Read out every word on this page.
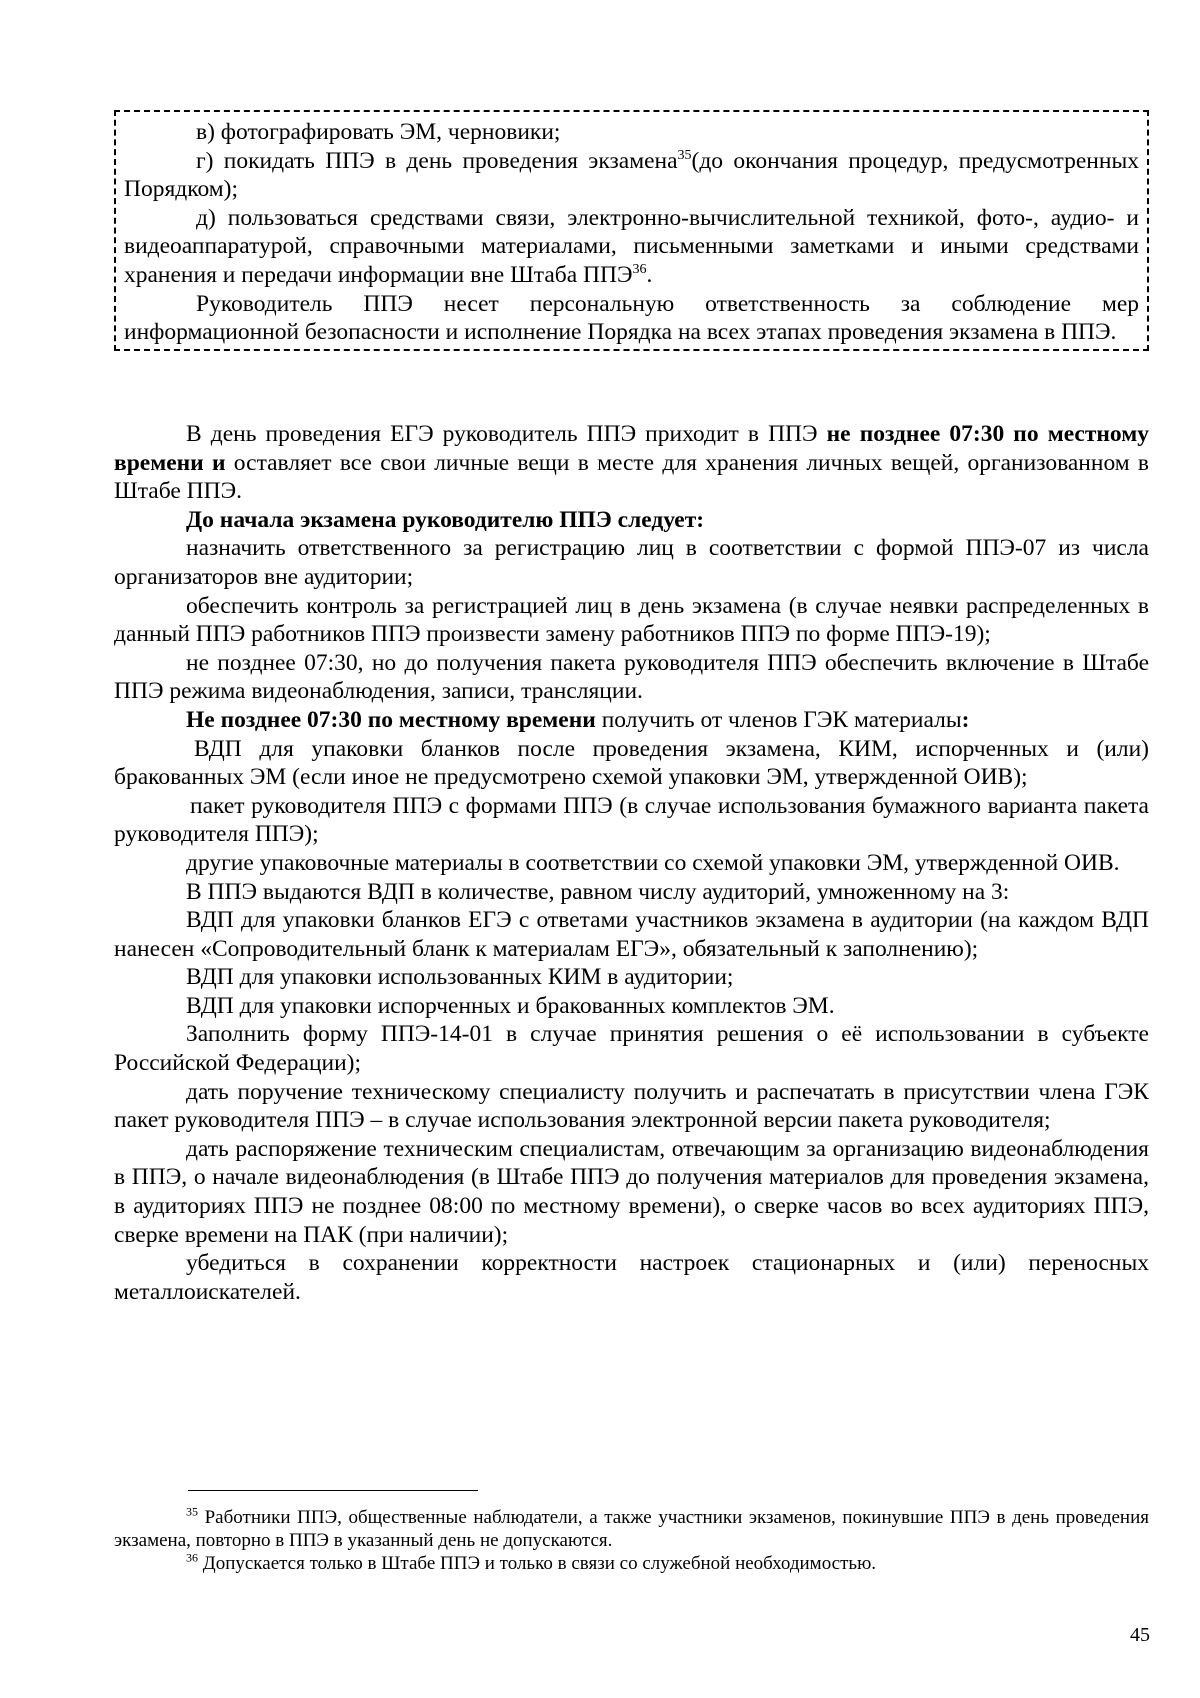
в) фотографировать ЭМ, черновики;

г) покидать ППЭ в день проведения экзамена$^{35}$(до окончания процедур, предусмотренных Порядком);

д) пользоваться средствами связи, электронно-вычислительной техникой, фото-, аудио- и видеоаппаратурой, справочными материалами, письменными заметками и иными средствами хранения и передачи информации вне Штаба ППЭ$^{36}$.

Руководитель ППЭ несет персональную ответственность за соблюдение мер информационной безопасности и исполнение Порядка на всех этапах проведения экзамена в ППЭ.

В день проведения ЕГЭ руководитель ППЭ приходит в ППЭ не позднее 07:30 по местному времени и оставляет все свои личные вещи в месте для хранения личных вещей, организованном в Штабе ППЭ.

До начала экзамена руководителю ППЭ следует:

назначить ответственного за регистрацию лиц в соответствии с формой ППЭ-07 из числа организаторов вне аудитории;

обеспечить контроль за регистрацией лиц в день экзамена (в случае неявки распределенных в данный ППЭ работников ППЭ произвести замену работников ППЭ по форме ППЭ-19);

не позднее 07:30, но до получения пакета руководителя ППЭ обеспечить включение в Штабе ППЭ режима видеонаблюдения, записи, трансляции.

Не позднее 07:30 по местному времени получить от членов ГЭК материалы:

ВДП для упаковки бланков после проведения экзамена, КИМ, испорченных и (или) бракованных ЭМ (если иное не предусмотрено схемой упаковки ЭМ, утвержденной ОИВ);

пакет руководителя ППЭ с формами ППЭ (в случае использования бумажного варианта пакета руководителя ППЭ);

другие упаковочные материалы в соответствии со схемой упаковки ЭМ, утвержденной ОИВ.

В ППЭ выдаются ВДП в количестве, равном числу аудиторий, умноженному на 3:

ВДП для упаковки бланков ЕГЭ с ответами участников экзамена в аудитории (на каждом ВДП нанесен «Сопроводительный бланк к материалам ЕГЭ», обязательный к заполнению);

ВДП для упаковки использованных КИМ в аудитории;

ВДП для упаковки испорченных и бракованных комплектов ЭМ.

Заполнить форму ППЭ-14-01 в случае принятия решения о её использовании в субъекте Российской Федерации);

дать поручение техническому специалисту получить и распечатать в присутствии члена ГЭК пакет руководителя ППЭ – в случае использования электронной версии пакета руководителя;

дать распоряжение техническим специалистам, отвечающим за организацию видеонаблюдения в ППЭ, о начале видеонаблюдения (в Штабе ППЭ до получения материалов для проведения экзамена, в аудиториях ППЭ не позднее 08:00 по местному времени), о сверке часов во всех аудиториях ППЭ, сверке времени на ПАК (при наличии);

убедиться в сохранении корректности настроек стационарных и (или) переносных металлоискателей.

$^{35}$ Работники ППЭ, общественные наблюдатели, а также участники экзаменов, покинувшие ППЭ в день проведения экзамена, повторно в ППЭ в указанный день не допускаются.

$^{36}$ Допускается только в Штабе ППЭ и только в связи со служебной необходимостью.

45
